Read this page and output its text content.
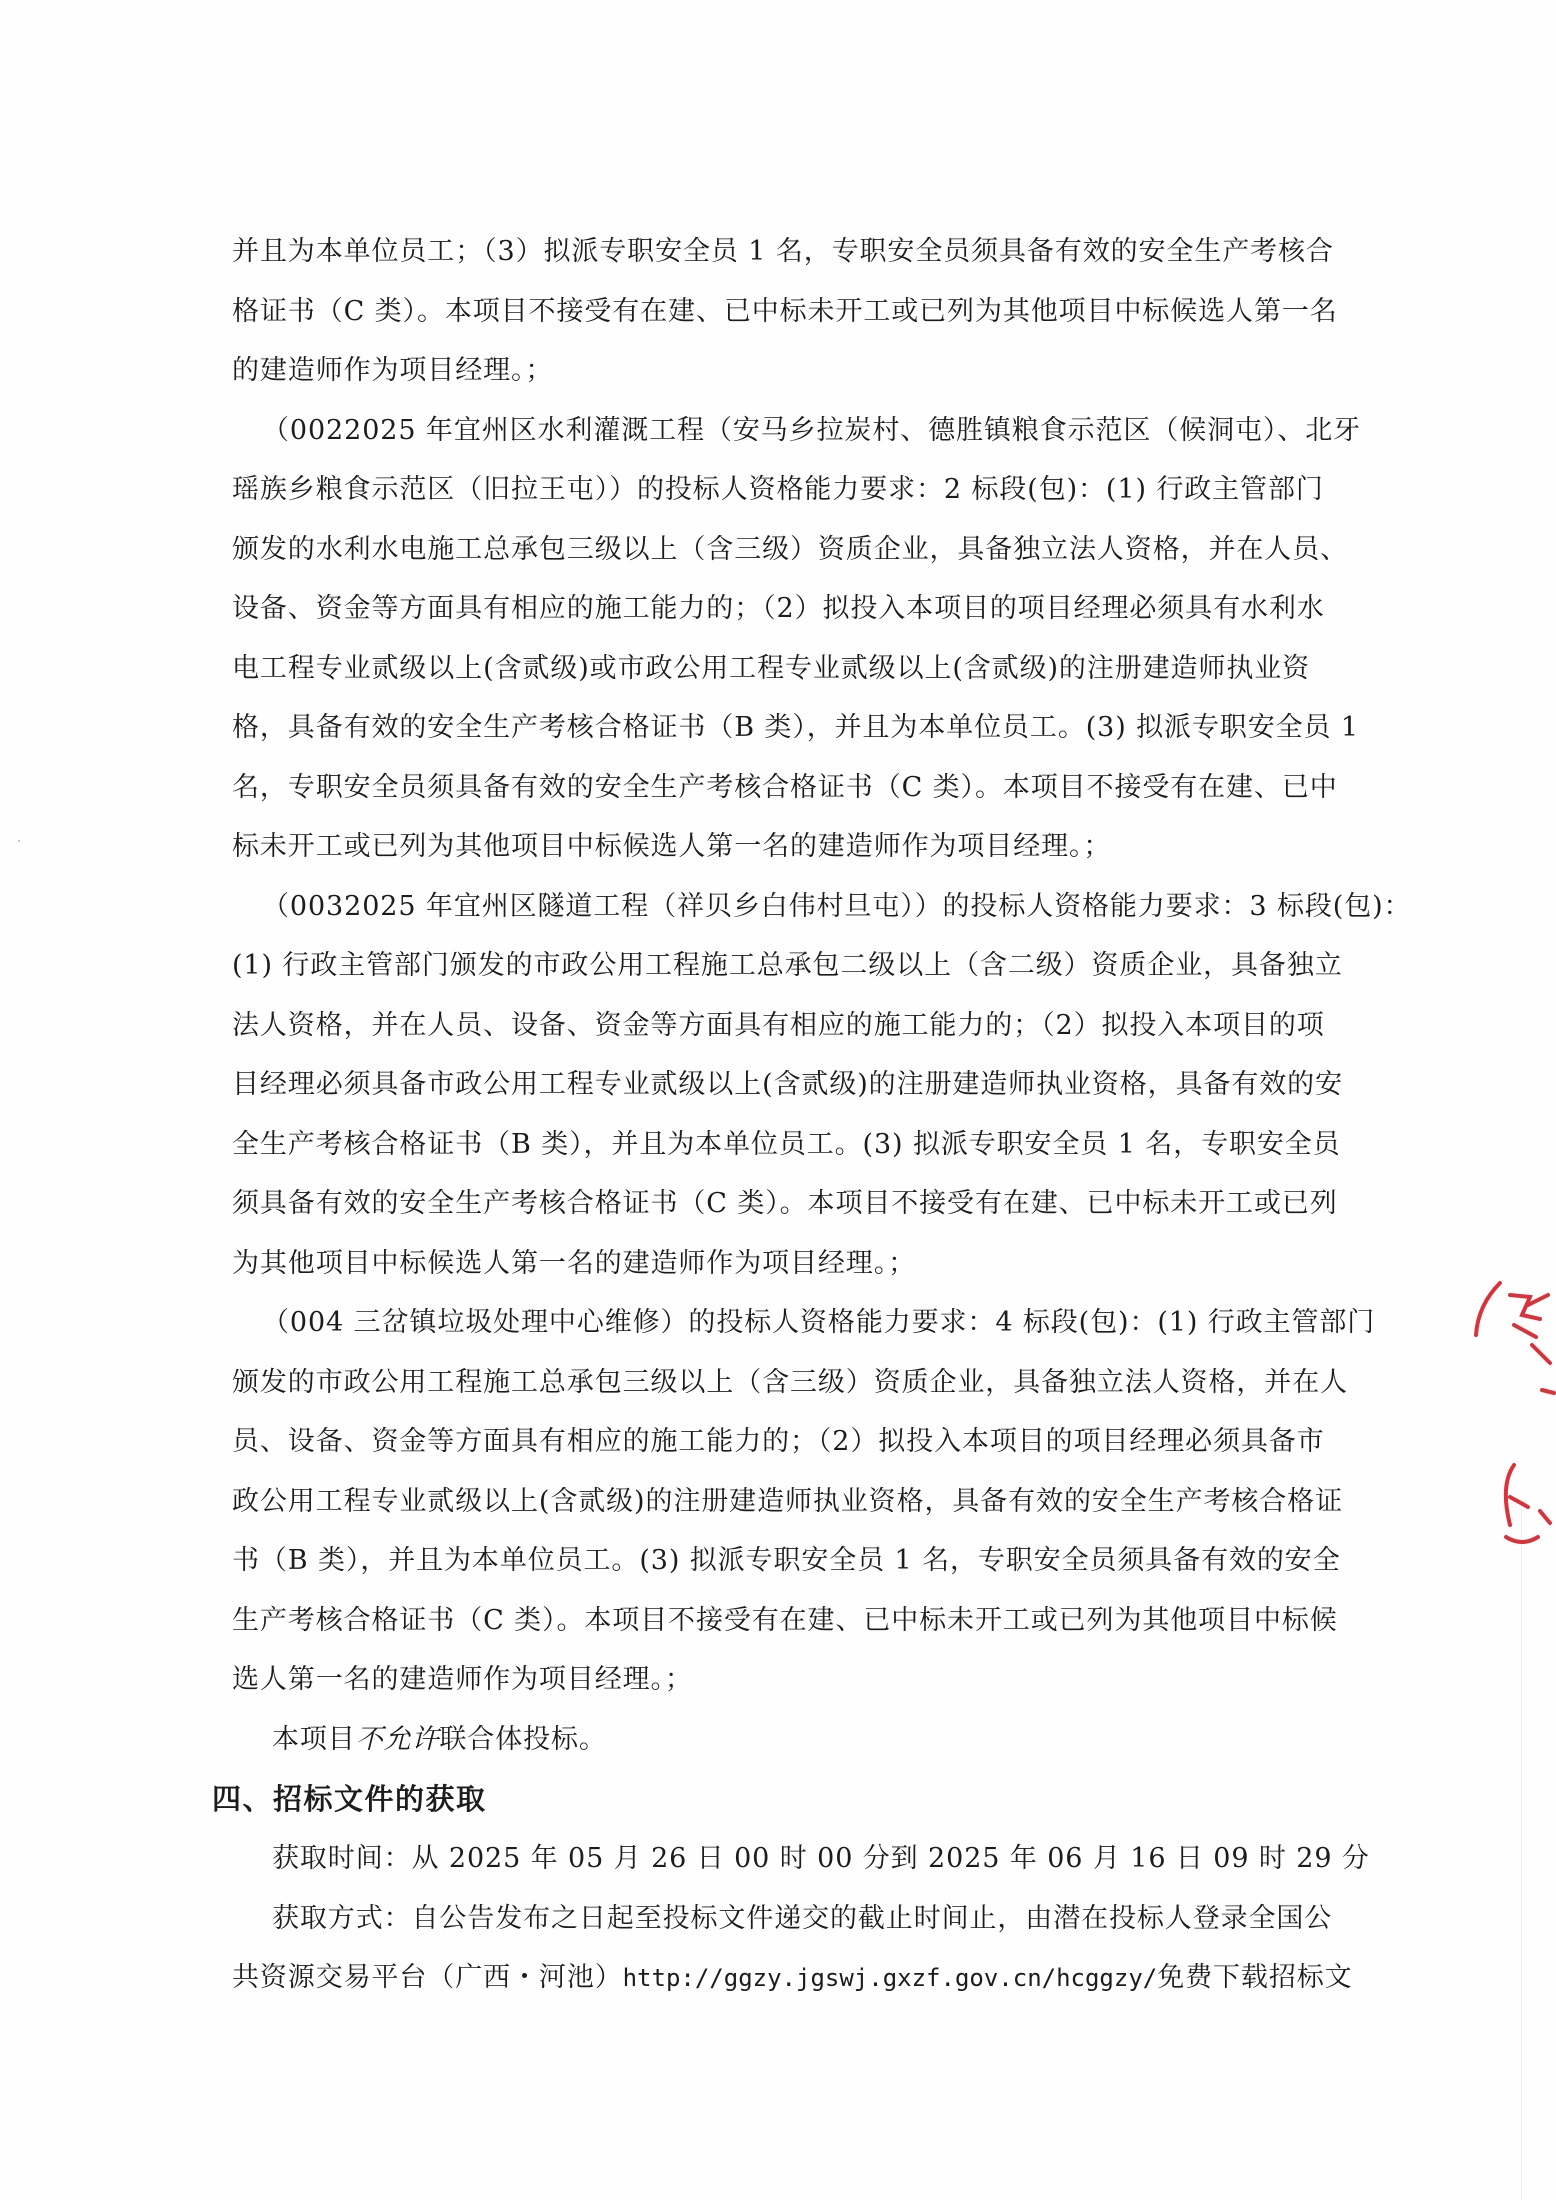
并且为本单位员工；（3）拟派专职安全员 1 名，专职安全员须具备有效的安全生产考核合
格证书（C 类）。本项目不接受有在建、已中标未开工或已列为其他项目中标候选人第一名
的建造师作为项目经理。；
（0022025 年宜州区水利灌溉工程（安马乡拉炭村、德胜镇粮食示范区（候洞屯）、北牙
瑶族乡粮食示范区（旧拉王屯））的投标人资格能力要求：2 标段(包)：(1) 行政主管部门
颁发的水利水电施工总承包三级以上（含三级）资质企业，具备独立法人资格，并在人员、
设备、资金等方面具有相应的施工能力的；（2）拟投入本项目的项目经理必须具有水利水
电工程专业贰级以上(含贰级)或市政公用工程专业贰级以上(含贰级)的注册建造师执业资
格，具备有效的安全生产考核合格证书（B 类），并且为本单位员工。(3) 拟派专职安全员 1
名，专职安全员须具备有效的安全生产考核合格证书（C 类）。本项目不接受有在建、已中
标未开工或已列为其他项目中标候选人第一名的建造师作为项目经理。；
（0032025 年宜州区隧道工程（祥贝乡白伟村旦屯））的投标人资格能力要求：3 标段(包)：
(1) 行政主管部门颁发的市政公用工程施工总承包二级以上（含二级）资质企业，具备独立
法人资格，并在人员、设备、资金等方面具有相应的施工能力的；（2）拟投入本项目的项
目经理必须具备市政公用工程专业贰级以上(含贰级)的注册建造师执业资格，具备有效的安
全生产考核合格证书（B 类），并且为本单位员工。(3) 拟派专职安全员 1 名，专职安全员
须具备有效的安全生产考核合格证书（C 类）。本项目不接受有在建、已中标未开工或已列
为其他项目中标候选人第一名的建造师作为项目经理。；
（004 三岔镇垃圾处理中心维修）的投标人资格能力要求：4 标段(包)：(1) 行政主管部门
颁发的市政公用工程施工总承包三级以上（含三级）资质企业，具备独立法人资格，并在人
员、设备、资金等方面具有相应的施工能力的；（2）拟投入本项目的项目经理必须具备市
政公用工程专业贰级以上(含贰级)的注册建造师执业资格，具备有效的安全生产考核合格证
书（B 类），并且为本单位员工。(3) 拟派专职安全员 1 名，专职安全员须具备有效的安全
生产考核合格证书（C 类）。本项目不接受有在建、已中标未开工或已列为其他项目中标候
选人第一名的建造师作为项目经理。；
本项目不允许联合体投标。
四、招标文件的获取
获取时间：从 2025 年 05 月 26 日 00 时 00 分到 2025 年 06 月 16 日 09 时 29 分
获取方式：自公告发布之日起至投标文件递交的截止时间止，由潜在投标人登录全国公
共资源交易平台（广西・河池）http://ggzy.jgswj.gxzf.gov.cn/hcggzy/免费下载招标文
